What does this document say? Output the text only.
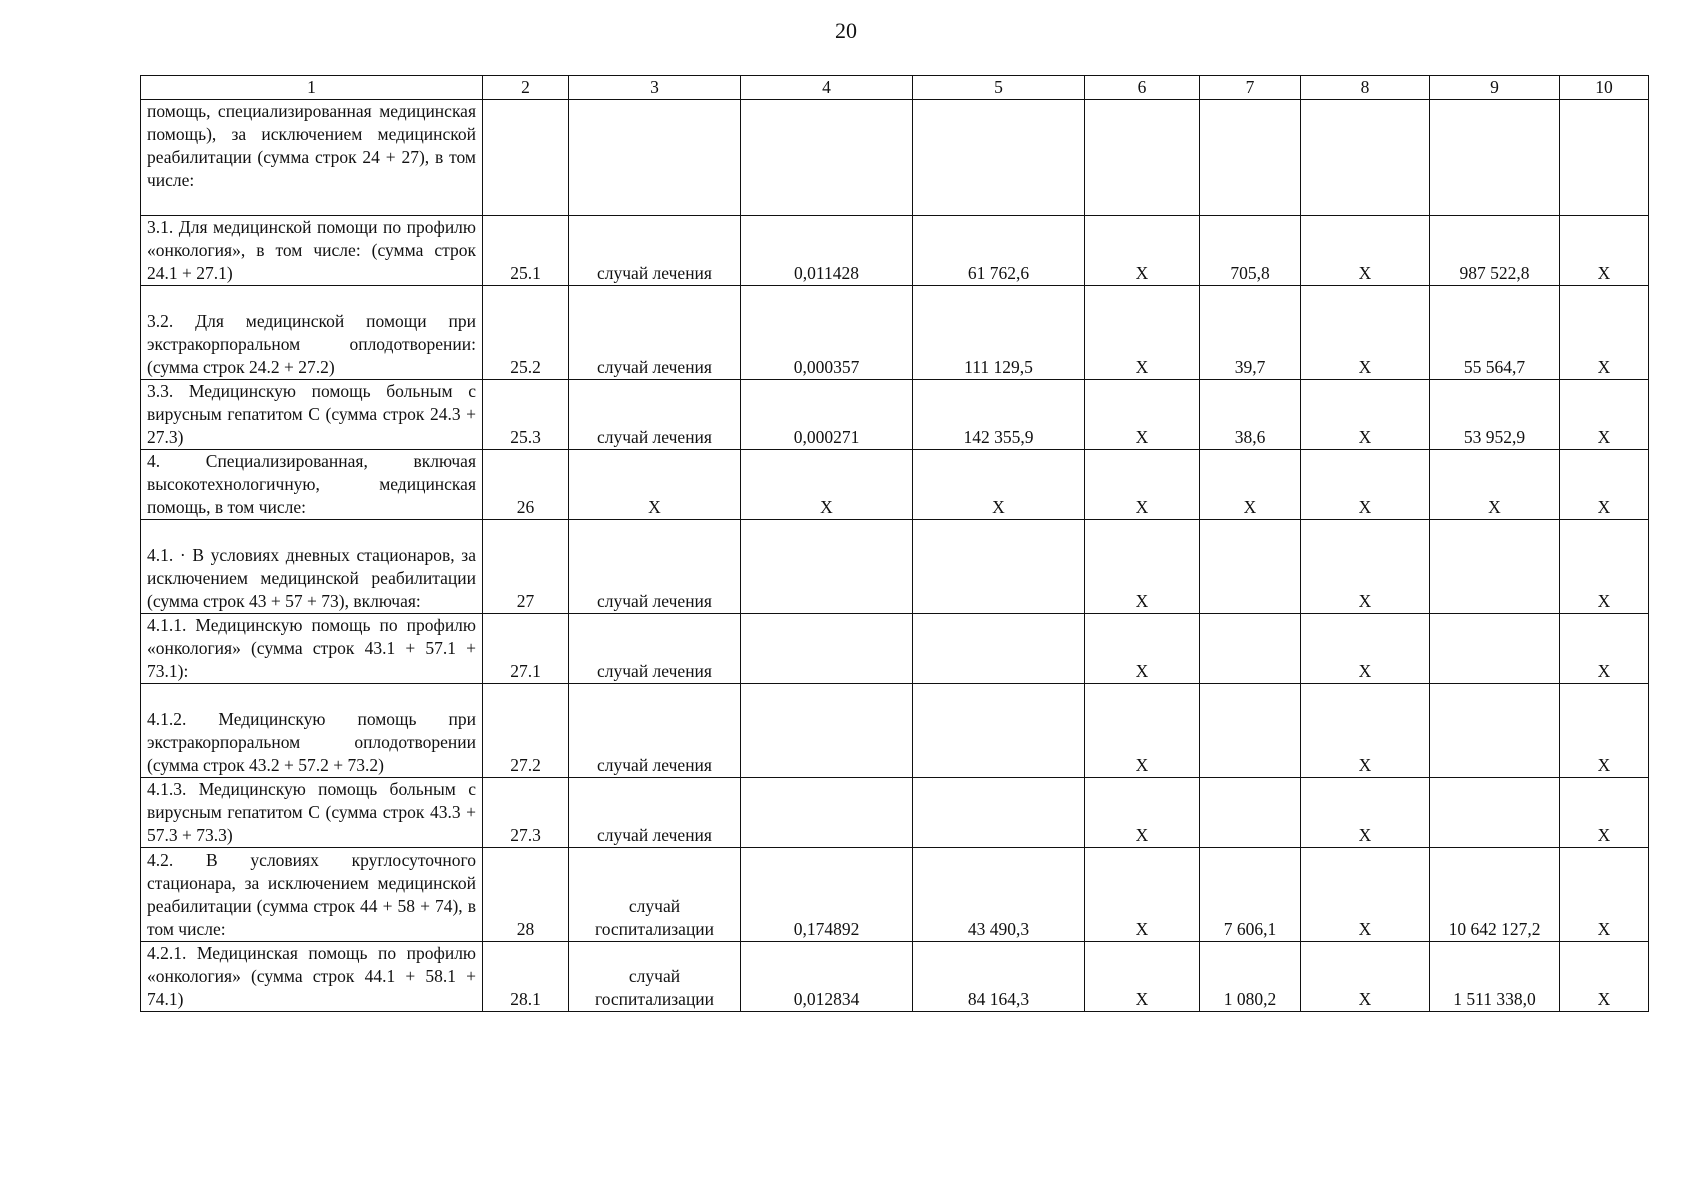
20
1	2	3	4	5	6	7	8	9	10
помощь, специализированная медицинская помощь), за исключением медицинской реабилитации (сумма строк 24 + 27), в том числе:									
3.1. Для медицинской помощи по профилю «онкология», в том числе: (сумма строк 24.1 + 27.1)	25.1	случай лечения	0,011428	61 762,6	X	705,8	X	987 522,8	X
3.2. Для медицинской помощи при экстракорпоральном оплодотворении: (сумма строк 24.2 + 27.2)	25.2	случай лечения	0,000357	111 129,5	X	39,7	X	55 564,7	X
3.3. Медицинскую помощь больным с вирусным гепатитом С (сумма строк 24.3 + 27.3)	25.3	случай лечения	0,000271	142 355,9	X	38,6	X	53 952,9	X
4. Специализированная, включая высокотехнологичную, медицинская помощь, в том числе:	26	X	X	X	X	X	X	X	X
4.1. · В условиях дневных стационаров, за исключением медицинской реабилитации (сумма строк 43 + 57 + 73), включая:	27	случай лечения			X		X		X
4.1.1. Медицинскую помощь по профилю «онкология» (сумма строк 43.1 + 57.1 + 73.1):	27.1	случай лечения			X		X		X
4.1.2. Медицинскую помощь при экстракорпоральном оплодотворении (сумма строк 43.2 + 57.2 + 73.2)	27.2	случай лечения			X		X		X
4.1.3. Медицинскую помощь больным с вирусным гепатитом С (сумма строк 43.3 + 57.3 + 73.3)	27.3	случай лечения			X		X		X
4.2. В условиях круглосуточного стационара, за исключением медицинской реабилитации (сумма строк 44 + 58 + 74), в том числе:	28	случай госпитализации	0,174892	43 490,3	X	7 606,1	X	10 642 127,2	X
4.2.1. Медицинская помощь по профилю «онкология» (сумма строк 44.1 + 58.1 + 74.1)	28.1	случай госпитализации	0,012834	84 164,3	X	1 080,2	X	1 511 338,0	X
